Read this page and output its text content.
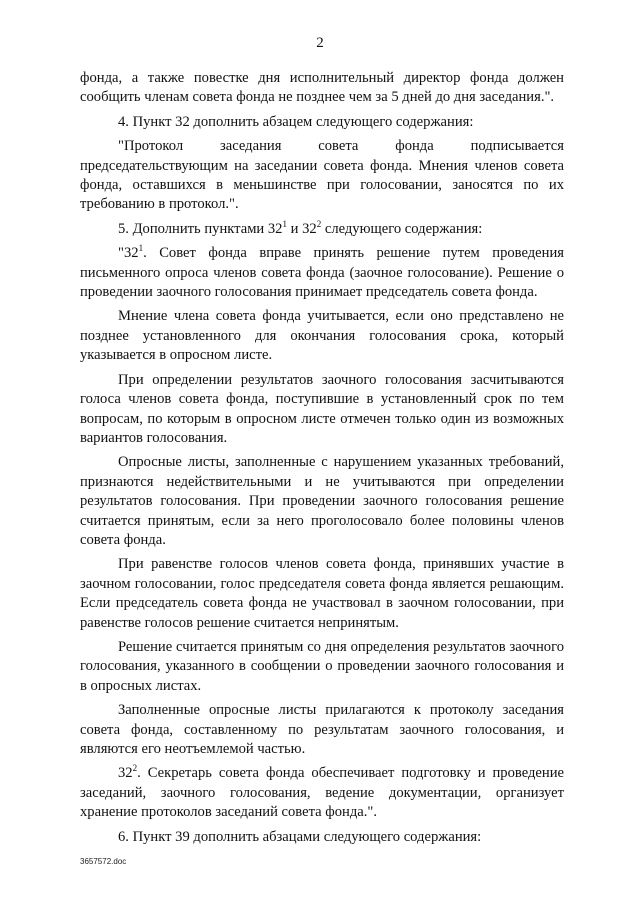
2

фонда, а также повестке дня исполнительный директор фонда должен сообщить членам совета фонда не позднее чем за 5 дней до дня заседания.".

4. Пункт 32 дополнить абзацем следующего содержания:

"Протокол заседания совета фонда подписывается председательствующим на заседании совета фонда. Мнения членов совета фонда, оставшихся в меньшинстве при голосовании, заносятся по их требованию в протокол.".

5. Дополнить пунктами $32^1$ и $32^2$ следующего содержания:

"$32^1$. Совет фонда вправе принять решение путем проведения письменного опроса членов совета фонда (заочное голосование). Решение о проведении заочного голосования принимает председатель совета фонда.

Мнение члена совета фонда учитывается, если оно представлено не позднее установленного для окончания голосования срока, который указывается в опросном листе.

При определении результатов заочного голосования засчитываются голоса членов совета фонда, поступившие в установленный срок по тем вопросам, по которым в опросном листе отмечен только один из возможных вариантов голосования.

Опросные листы, заполненные с нарушением указанных требований, признаются недействительными и не учитываются при определении результатов голосования. При проведении заочного голосования решение считается принятым, если за него проголосовало более половины членов совета фонда.

При равенстве голосов членов совета фонда, принявших участие в заочном голосовании, голос председателя совета фонда является решающим. Если председатель совета фонда не участвовал в заочном голосовании, при равенстве голосов решение считается непринятым.

Решение считается принятым со дня определения результатов заочного голосования, указанного в сообщении о проведении заочного голосования и в опросных листах.

Заполненные опросные листы прилагаются к протоколу заседания совета фонда, составленному по результатам заочного голосования, и являются его неотъемлемой частью.

$32^2$. Секретарь совета фонда обеспечивает подготовку и проведение заседаний, заочного голосования, ведение документации, организует хранение протоколов заседаний совета фонда.".

6. Пункт 39 дополнить абзацами следующего содержания:

3657572.doc
